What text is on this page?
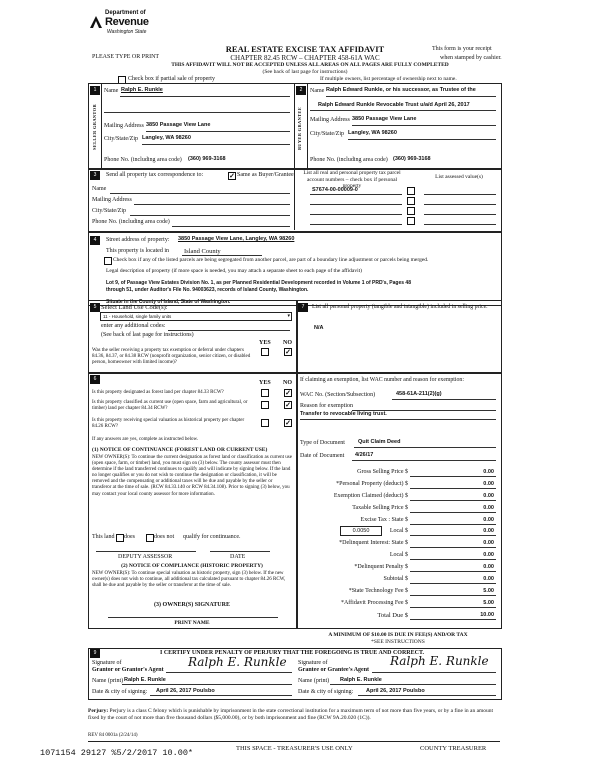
Department of
Revenue
Washington State
PLEASE TYPE OR PRINT
REAL ESTATE EXCISE TAX AFFIDAVIT
CHAPTER 82.45 RCW – CHAPTER 458-61A WAC
THIS AFFIDAVIT WILL NOT BE ACCEPTED UNLESS ALL AREAS ON ALL PAGES ARE FULLY COMPLETED
(See back of last page for instructions)
This form is your receipt
when stamped by cashier.
Check box if partial sale of property	If multiple owners, list percentage of ownership next to name.
1
SELLER GRANTOR
Name Ralph E. Runkle
Mailing Address 3850 Passage View Lane
City/State/Zip Langley, WA 98260
Phone No. (including area code) (360) 969-3168
2
BUYER GRANTEE
Name Ralph Edward Runkle, or his successor, as Trustee of the
Ralph Edward Runkle Revocable Trust u/a/d April 26, 2017
Mailing Address 3850 Passage View Lane
City/State/Zip Langley, WA 98260
Phone No. (including area code) (360) 969-3168
3	Send all property tax correspondence to:	✓ Same as Buyer/Grantee
Name
Mailing Address
City/State/Zip
Phone No. (including area code)
List all real and personal property tax parcel account numbers – check box if personal property
List assessed value(s)
S7674-00-00009-0
4	Street address of property: 3850 Passage View Lane, Langley, WA 98260
This property is located in Island County
Check box if any of the listed parcels are being segregated from another parcel, are part of a boundary line adjustment or parcels being merged.
Legal description of property (if more space is needed, you may attach a separate sheet to each page of the affidavit)
Lot 9, of Passage View Estates Division No. 1, as per Planned Residential Development recorded in Volume 1 of PRD's, Pages 48
through 51, under Auditor's File No. 94003623, records of Island County, Washington.
Situate in the County of Island, State of Washington.
5 Select Land Use Code(s):
11 - Household, single family units	▾
enter any additional codes:
(See back of last page for instructions)
YES NO
Was the seller receiving a property tax exemption or deferral under chapters 84.36, 84.37, or 84.38 RCW (nonprofit organization, senior citizen, or disabled person, homeowner with limited income)?
✓
6
YES NO
Is this property designated as forest land per chapter 84.33 RCW?	✓
Is this property classified as current use (open space, farm and agricultural, or timber) land per chapter 84.34 RCW?	✓
Is this property receiving special valuation as historical property per chapter 84.26 RCW?	✓
If any answers are yes, complete as instructed below.
(1) NOTICE OF CONTINUANCE (FOREST LAND OR CURRENT USE)
NEW OWNER(S): To continue the current designation as forest land or classification as current use (open space, farm, or timber) land, you must sign on (3) below. The county assessor must then determine if the land transferred continues to qualify and will indicate by signing below. If the land no longer qualifies or you do not wish to continue the designation or classification, it will be removed and the compensating or additional taxes will be due and payable by the seller or transferor at the time of sale. (RCW 84.33.140 or RCW 84.34.108). Prior to signing (3) below, you may contact your local county assessor for more information.
This land does	does not qualify for continuance.
DEPUTY ASSESSOR	DATE
(2) NOTICE OF COMPLIANCE (HISTORIC PROPERTY)
NEW OWNER(S): To continue special valuation as historic property, sign (3) below. If the new owner(s) does not wish to continue, all additional tax calculated pursuant to chapter 84.26 RCW, shall be due and payable by the seller or transferor at the time of sale.
(3) OWNER(S) SIGNATURE
PRINT NAME
7	List all personal property (tangible and intangible) included in selling price.
N/A
If claiming an exemption, list WAC number and reason for exemption:
WAC No. (Section/Subsection)	458-61A-211(2)(g)
Reason for exemption
Transfer to revocable living trust.
Type of Document Quit Claim Deed
Date of Document 4/26/17
Gross Selling Price $	0.00
*Personal Property (deduct) $	0.00
Exemption Claimed (deduct) $	0.00
Taxable Selling Price $	0.00
Excise Tax : State $	0.00
0.0050	Local $	0.00
*Delinquent Interest: State $	0.00
Local $	0.00
*Delinquent Penalty $	0.00
Subtotal $	0.00
*State Technology Fee $	5.00
*Affidavit Processing Fee $	5.00
Total Due $	10.00
A MINIMUM OF $10.00 IS DUE IN FEE(S) AND/OR TAX
*SEE INSTRUCTIONS
9	I CERTIFY UNDER PENALTY OF PERJURY THAT THE FOREGOING IS TRUE AND CORRECT.
Signature of
Grantor or Grantor's Agent
Ralph E. Runkle
Name (print) Ralph E. Runkle
Date & city of signing: April 26, 2017 Poulsbo
Signature of
Grantee or Grantee's Agent
Ralph E. Runkle
Name (print) Ralph E. Runkle
Date & city of signing: April 26, 2017 Poulsbo
Perjury: Perjury is a class C felony which is punishable by imprisonment in the state correctional institution for a maximum term of not more than five years, or by a fine in an amount fixed by the court of not more than five thousand dollars ($5,000.00), or by both imprisonment and fine (RCW 9A.20.020 (1C)).
REV 84 0001a (2/24/14)
1071154 29127 %5/2/2017 10.00*	THIS SPACE - TREASURER'S USE ONLY	COUNTY TREASURER
